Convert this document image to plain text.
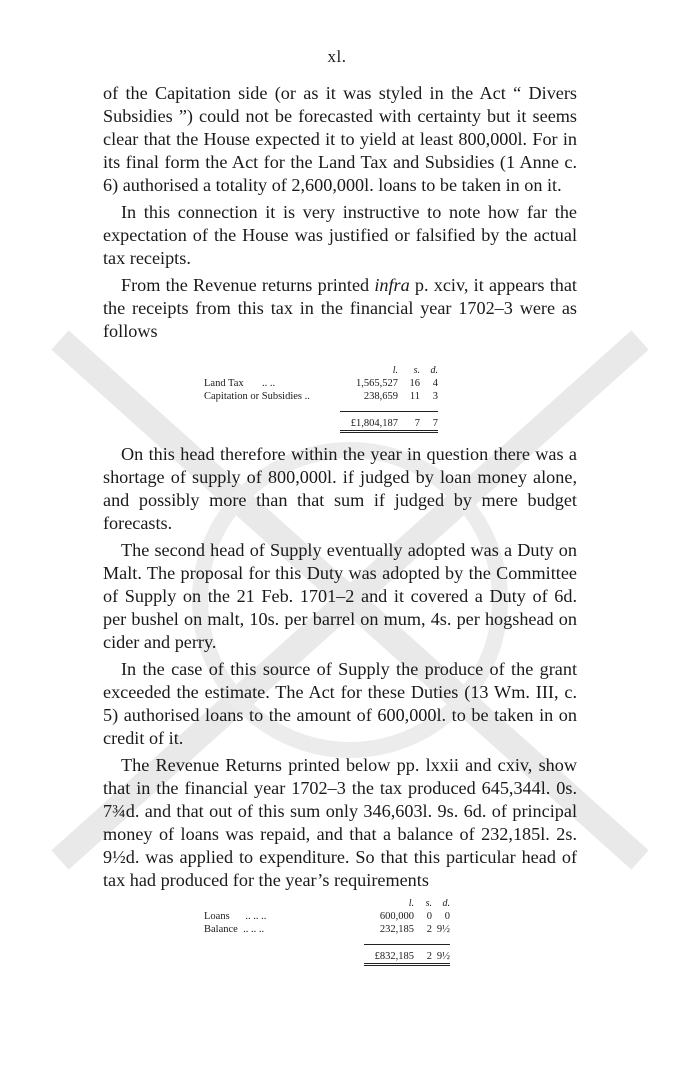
xl.

of the Capitation side (or as it was styled in the Act “ Divers Subsidies ”) could not be forecasted with certainty but it seems clear that the House expected it to yield at least 800,000l. For in its final form the Act for the Land Tax and Subsidies (1 Anne c. 6) authorised a totality of 2,600,000l. loans to be taken in on it.

In this connection it is very instructive to note how far the expectation of the House was justified or falsified by the actual tax receipts.

From the Revenue returns printed infra p. xciv, it appears that the receipts from this tax in the financial year 1702–3 were as follows

	l.	s.	d.
Land Tax .. ..	1,565,527	16	4
Capitation or Subsidies ..	238,659	11	3

	£1,804,187	7	7

On this head therefore within the year in question there was a shortage of supply of 800,000l. if judged by loan money alone, and possibly more than that sum if judged by mere budget forecasts.

The second head of Supply eventually adopted was a Duty on Malt. The proposal for this Duty was adopted by the Committee of Supply on the 21 Feb. 1701–2 and it covered a Duty of 6d. per bushel on malt, 10s. per barrel on mum, 4s. per hogshead on cider and perry.

In the case of this source of Supply the produce of the grant exceeded the estimate. The Act for these Duties (13 Wm. III, c. 5) authorised loans to the amount of 600,000l. to be taken in on credit of it.

The Revenue Returns printed below pp. lxxii and cxiv, show that in the financial year 1702–3 the tax produced 645,344l. 0s. 7¾d. and that out of this sum only 346,603l. 9s. 6d. of principal money of loans was repaid, and that a balance of 232,185l. 2s. 9½d. was applied to expenditure. So that this particular head of tax had produced for the year’s requirements

	l.	s.	d.
Loans .. .. ..	600,000	0	0
Balance .. .. ..	232,185	2	9½

	£832,185	2	9½
